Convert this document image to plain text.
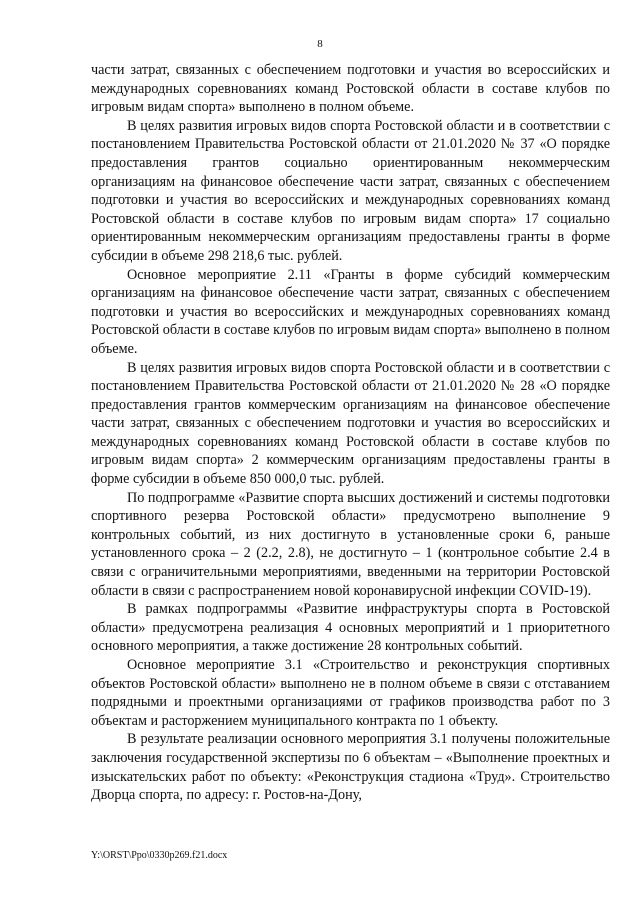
8

части затрат, связанных с обеспечением подготовки и участия во всероссийских и международных соревнованиях команд Ростовской области в составе клубов по игровым видам спорта» выполнено в полном объеме.

В целях развития игровых видов спорта Ростовской области и в соответствии с постановлением Правительства Ростовской области от 21.01.2020 № 37 «О порядке предоставления грантов социально ориентированным некоммерческим организациям на финансовое обеспечение части затрат, связанных с обеспечением подготовки и участия во всероссийских и международных соревнованиях команд Ростовской области в составе клубов по игровым видам спорта» 17 социально ориентированным некоммерческим организациям предоставлены гранты в форме субсидии в объеме 298 218,6 тыс. рублей.

Основное мероприятие 2.11 «Гранты в форме субсидий коммерческим организациям на финансовое обеспечение части затрат, связанных с обеспечением подготовки и участия во всероссийских и международных соревнованиях команд Ростовской области в составе клубов по игровым видам спорта» выполнено в полном объеме.

В целях развития игровых видов спорта Ростовской области и в соответствии с постановлением Правительства Ростовской области от 21.01.2020 № 28 «О порядке предоставления грантов коммерческим организациям на финансовое обеспечение части затрат, связанных с обеспечением подготовки и участия во всероссийских и международных соревнованиях команд Ростовской области в составе клубов по игровым видам спорта» 2 коммерческим организациям предоставлены гранты в форме субсидии в объеме 850 000,0 тыс. рублей.

По подпрограмме «Развитие спорта высших достижений и системы подготовки спортивного резерва Ростовской области» предусмотрено выполнение 9 контрольных событий, из них достигнуто в установленные сроки 6, раньше установленного срока – 2 (2.2, 2.8), не достигнуто – 1 (контрольное событие 2.4 в связи с ограничительными мероприятиями, введенными на территории Ростовской области в связи с распространением новой коронавирусной инфекции COVID-19).

В рамках подпрограммы «Развитие инфраструктуры спорта в Ростовской области» предусмотрена реализация 4 основных мероприятий и 1 приоритетного основного мероприятия, а также достижение 28 контрольных событий.

Основное мероприятие 3.1 «Строительство и реконструкция спортивных объектов Ростовской области» выполнено не в полном объеме в связи с отставанием подрядными и проектными организациями от графиков производства работ по 3 объектам и расторжением муниципального контракта по 1 объекту.

В результате реализации основного мероприятия 3.1 получены положительные заключения государственной экспертизы по 6 объектам – «Выполнение проектных и изыскательских работ по объекту: «Реконструкция стадиона «Труд». Строительство Дворца спорта, по адресу: г. Ростов-на-Дону,

Y:\ORST\Ppo\0330p269.f21.docx
